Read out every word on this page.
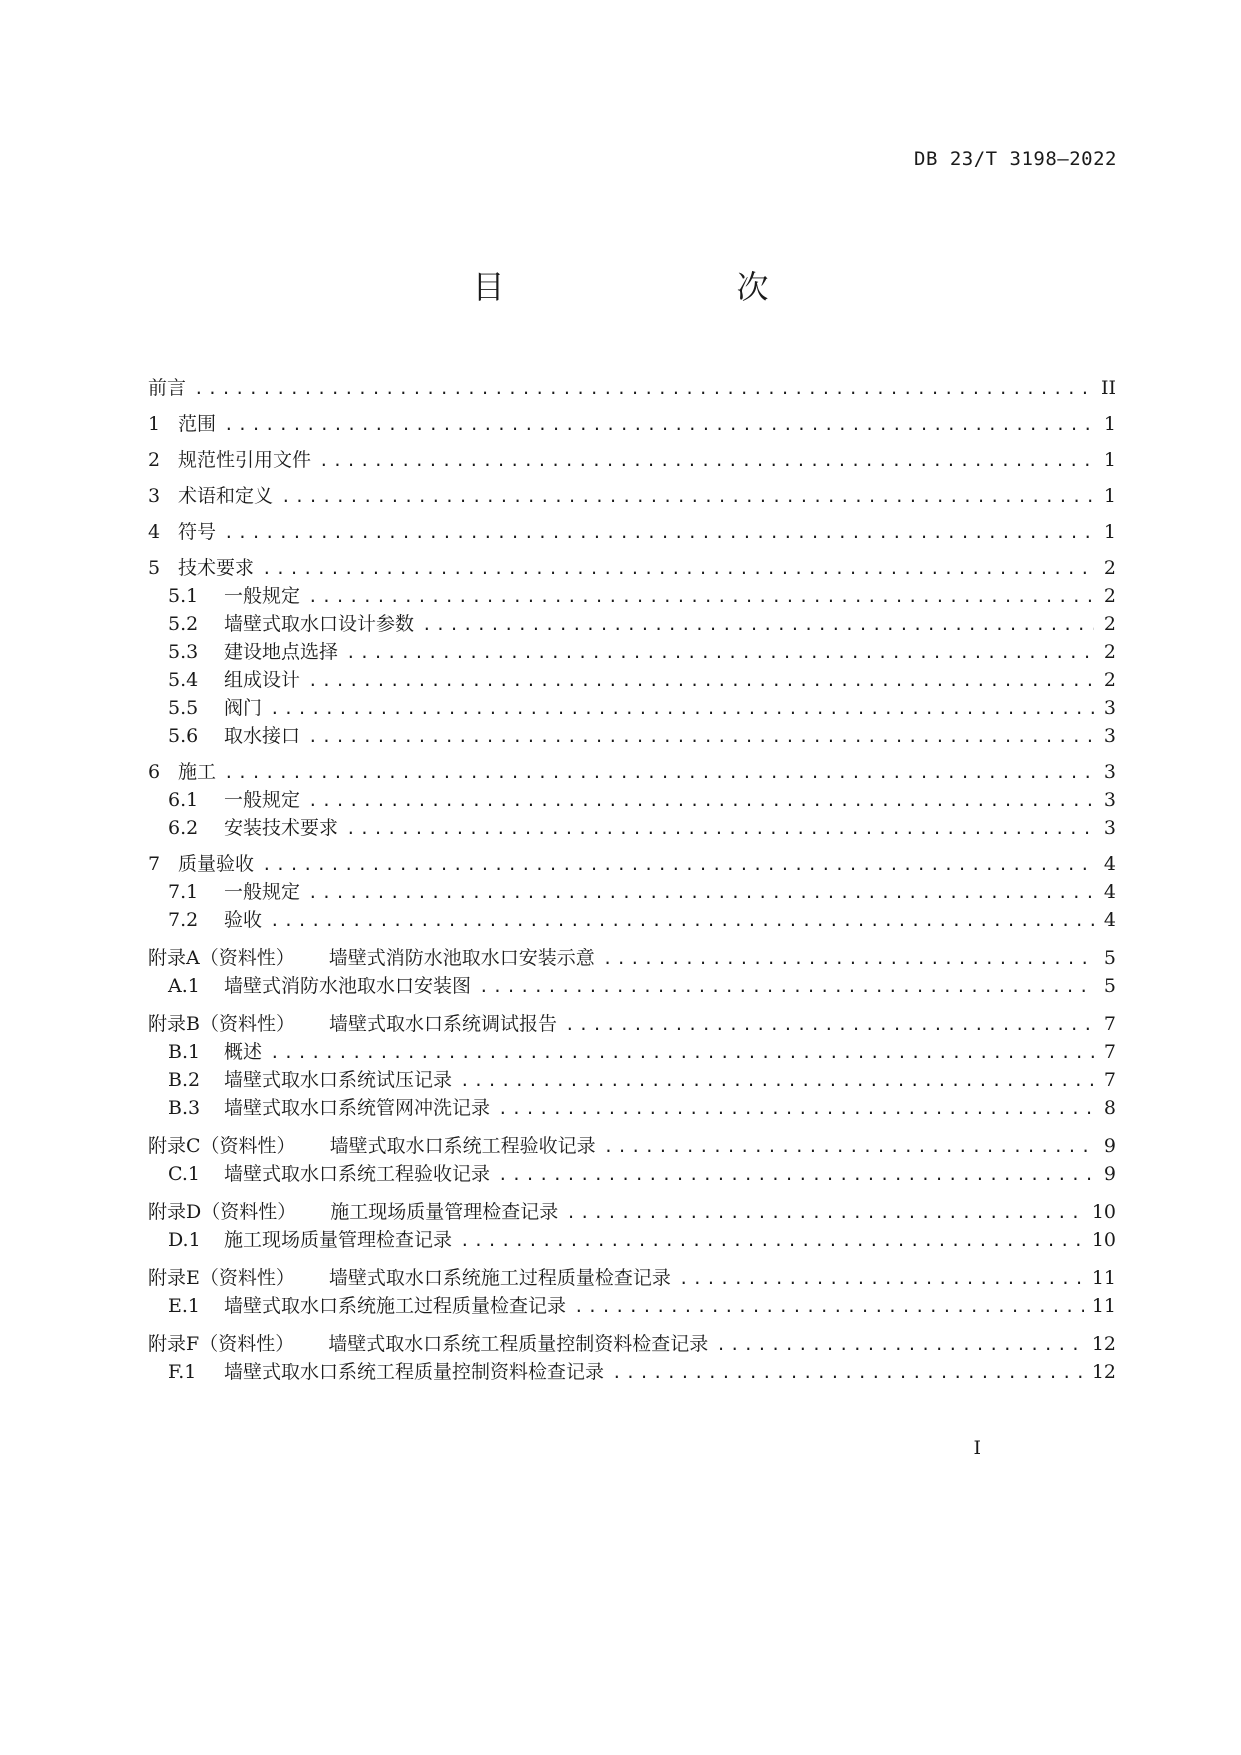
DB 23/T 3198—2022
目　　次
前言 .....	II
1 范围 .....	1
2 规范性引用文件 .....	1
3 术语和定义 .....	1
4 符号 .....	1
5 技术要求 .....	2
5.1	一般规定 .....	2
5.2	墙壁式取水口设计参数 .....	2
5.3	建设地点选择 .....	2
5.4	组成设计 .....	2
5.5	阀门 .....	3
5.6	取水接口 .....	3
6 施工 .....	3
6.1	一般规定 .....	3
6.2	安装技术要求 .....	3
7 质量验收 .....	4
7.1	一般规定 .....	4
7.2	验收 .....	4
附录A （资料性） 墙壁式消防水池取水口安装示意 .....	5
A.1	墙壁式消防水池取水口安装图 .....	5
附录B （资料性） 墙壁式取水口系统调试报告 .....	7
B.1	概述 .....	7
B.2	墙壁式取水口系统试压记录 .....	7
B.3	墙壁式取水口系统管网冲洗记录 .....	8
附录C （资料性） 墙壁式取水口系统工程验收记录 .....	9
C.1	墙壁式取水口系统工程验收记录 .....	9
附录D （资料性） 施工现场质量管理检查记录 .....	10
D.1	施工现场质量管理检查记录 .....	10
附录E （资料性） 墙壁式取水口系统施工过程质量检查记录 .....	11
E.1	墙壁式取水口系统施工过程质量检查记录 .....	11
附录F （资料性） 墙壁式取水口系统工程质量控制资料检查记录 .....	12
F.1	墙壁式取水口系统工程质量控制资料检查记录 .....	12
I
